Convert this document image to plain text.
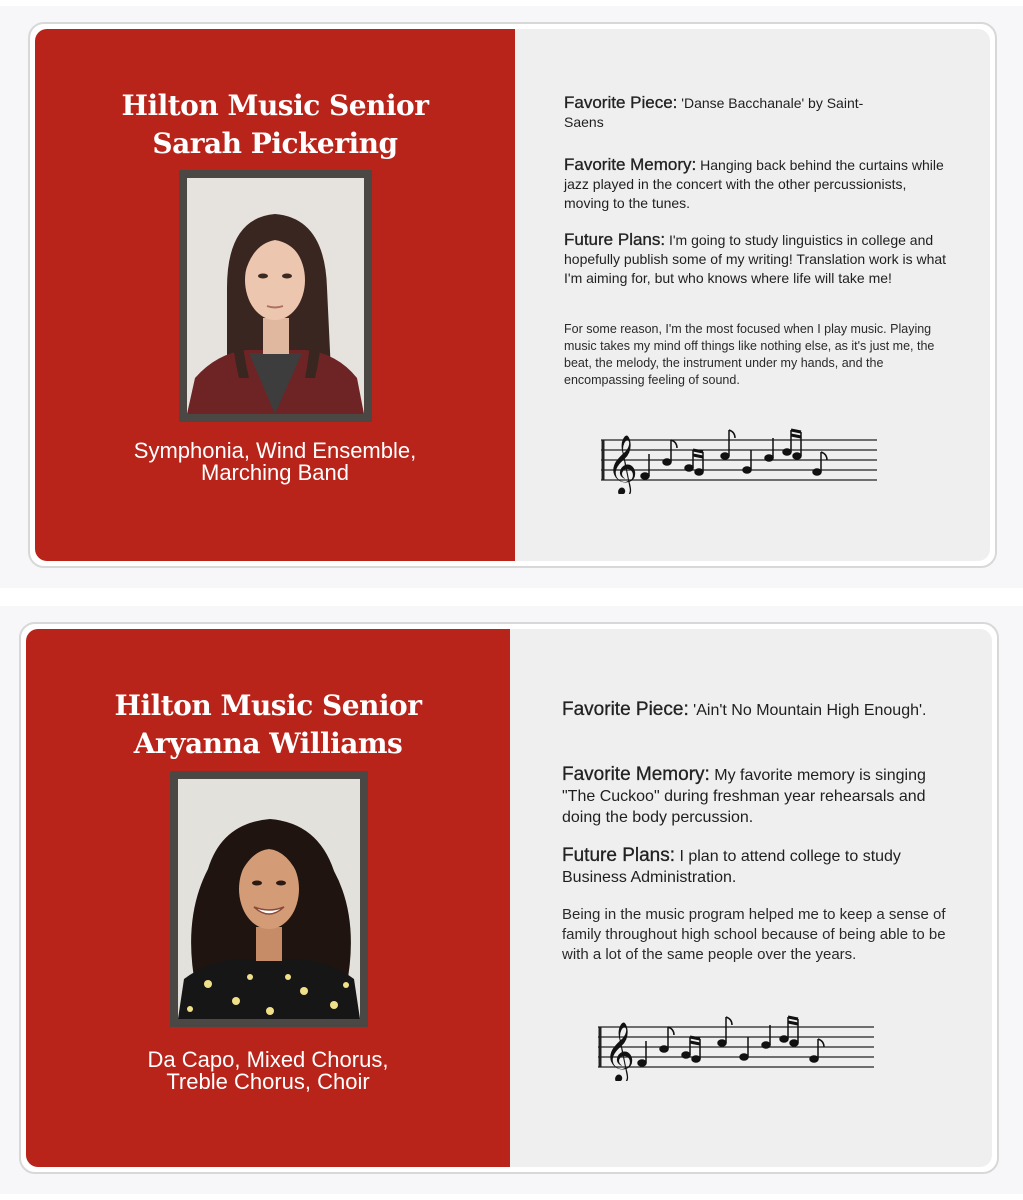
Hilton Music Senior
Sarah Pickering
Symphonia, Wind Ensemble,
Marching Band
Favorite Piece: 'Danse Bacchanale' by Saint-Saens
Favorite Memory: Hanging back behind the curtains while jazz played in the concert with the other percussionists, moving to the tunes.
Future Plans: I'm going to study linguistics in college and hopefully publish some of my writing! Translation work is what I'm aiming for, but who knows where life will take me!
For some reason, I'm the most focused when I play music. Playing music takes my mind off things like nothing else, as it's just me, the beat, the melody, the instrument under my hands, and the encompassing feeling of sound.
𝄞
Hilton Music Senior
Aryanna Williams
Da Capo, Mixed Chorus,
Treble Chorus, Choir
Favorite Piece: 'Ain't No Mountain High Enough'.
Favorite Memory: My favorite memory is singing "The Cuckoo" during freshman year rehearsals and doing the body percussion.
Future Plans: I plan to attend college to study Business Administration.
Being in the music program helped me to keep a sense of family throughout high school because of being able to be with a lot of the same people over the years.
𝄞
